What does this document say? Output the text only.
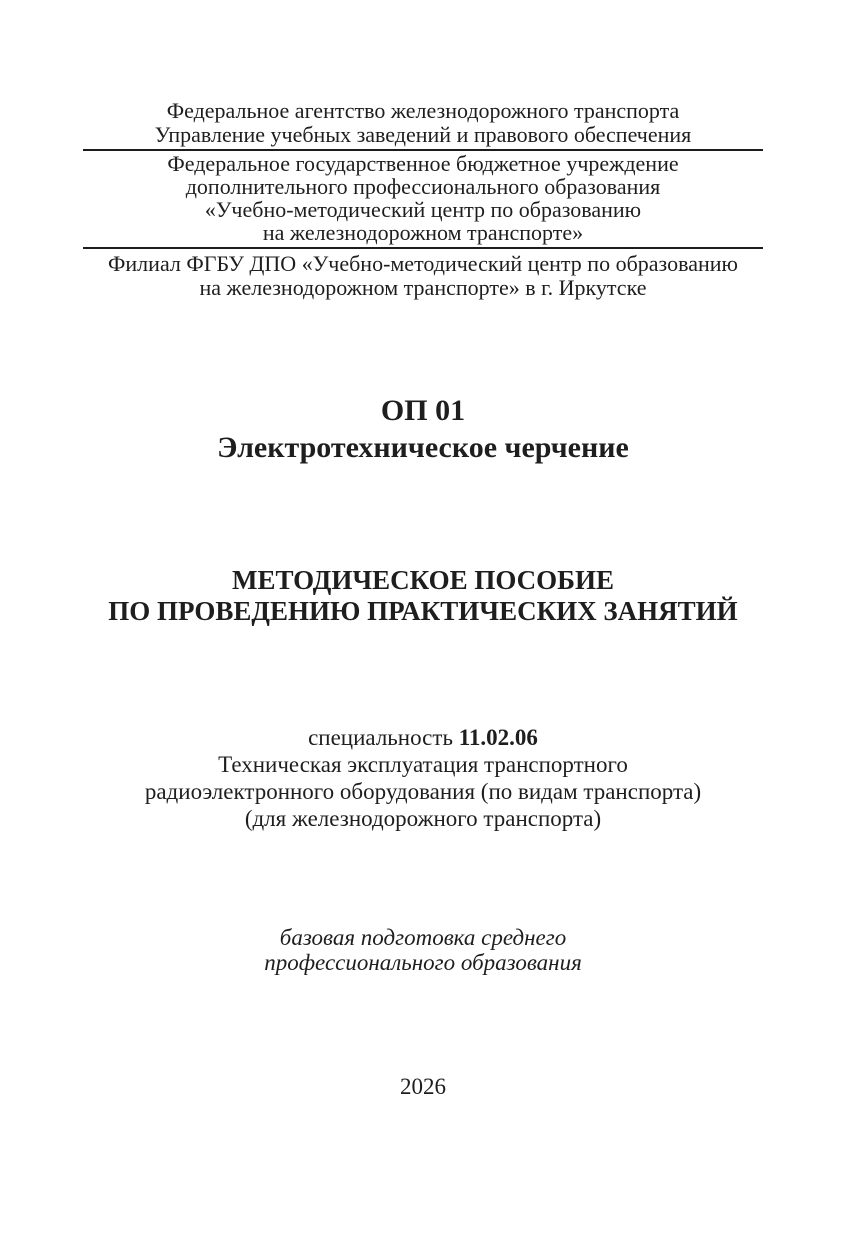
Федеральное агентство железнодорожного транспорта
Управление учебных заведений и правового обеспечения
Федеральное государственное бюджетное учреждение
дополнительного профессионального образования
«Учебно-методический центр по образованию
на железнодорожном транспорте»
Филиал ФГБУ ДПО «Учебно-методический центр по образованию
на железнодорожном транспорте» в г. Иркутске
ОП 01
Электротехническое черчение
МЕТОДИЧЕСКОЕ ПОСОБИЕ
ПО ПРОВЕДЕНИЮ ПРАКТИЧЕСКИХ ЗАНЯТИЙ
специальность 11.02.06
Техническая эксплуатация транспортного
радиоэлектронного оборудования (по видам транспорта)
(для железнодорожного транспорта)
базовая подготовка среднего
профессионального образования
2026
